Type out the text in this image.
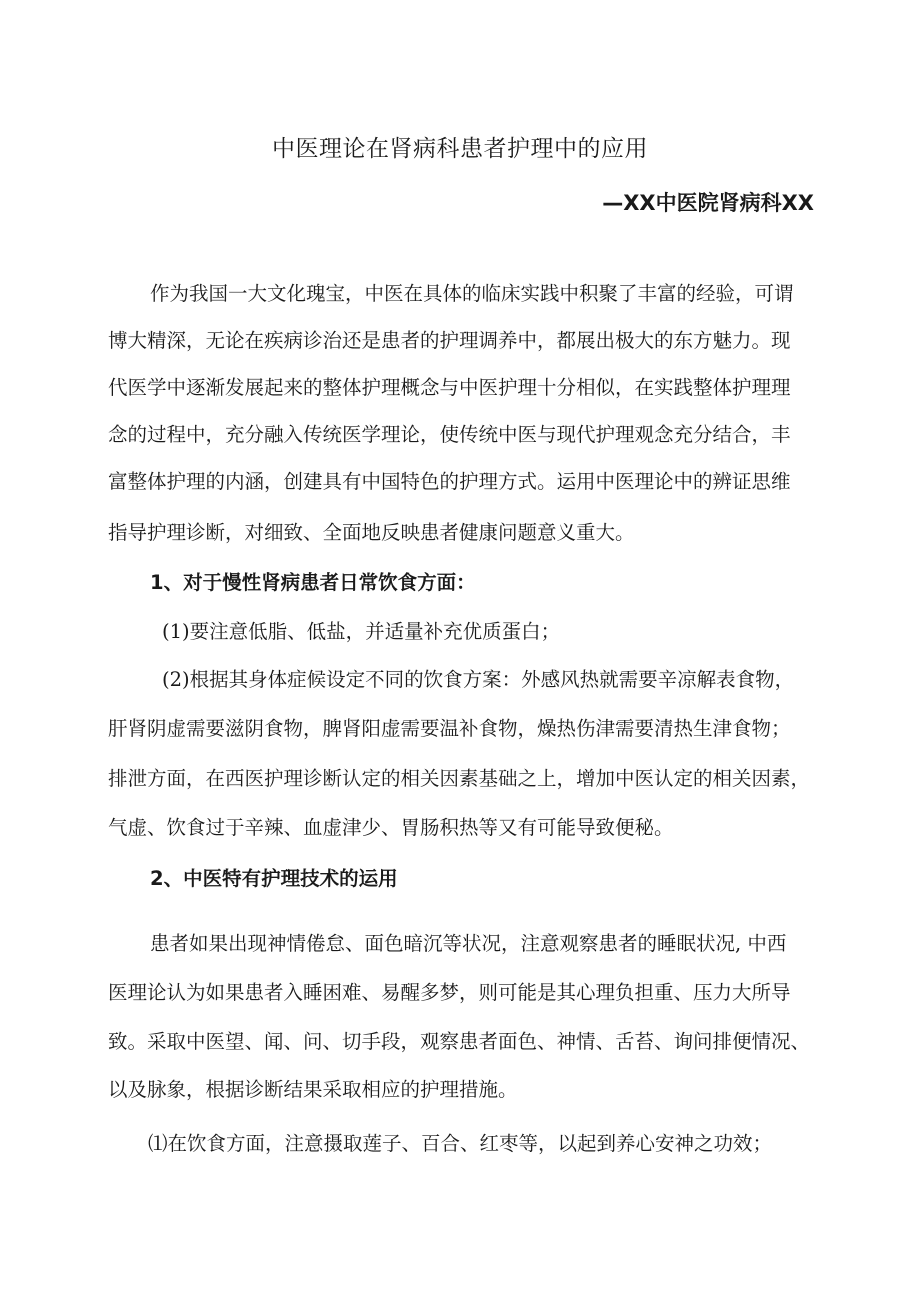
中医理论在肾病科患者护理中的应用
—XX中医院肾病科XX
作为我国一大文化瑰宝，中医在具体的临床实践中积聚了丰富的经验，可谓
博大精深，无论在疾病诊治还是患者的护理调养中，都展出极大的东方魅力。现
代医学中逐渐发展起来的整体护理概念与中医护理十分相似，在实践整体护理理
念的过程中，充分融入传统医学理论，使传统中医与现代护理观念充分结合，丰
富整体护理的内涵，创建具有中国特色的护理方式。运用中医理论中的辨证思维
指导护理诊断，对细致、全面地反映患者健康问题意义重大。
1、对于慢性肾病患者日常饮食方面：
(1)要注意低脂、低盐，并适量补充优质蛋白；
(2)根据其身体症候设定不同的饮食方案：外感风热就需要辛凉解表食物，
肝肾阴虚需要滋阴食物，脾肾阳虚需要温补食物，燥热伤津需要清热生津食物；
排泄方面，在西医护理诊断认定的相关因素基础之上，增加中医认定的相关因素，
气虚、饮食过于辛辣、血虚津少、胃肠积热等又有可能导致便秘。
2、中医特有护理技术的运用
患者如果出现神情倦怠、面色暗沉等状况，注意观察患者的睡眠状况, 中西
医理论认为如果患者入睡困难、易醒多梦，则可能是其心理负担重、压力大所导
致。采取中医望、闻、问、切手段，观察患者面色、神情、舌苔、询问排便情况、
以及脉象，根据诊断结果采取相应的护理措施。
⑴在饮食方面，注意摄取莲子、百合、红枣等，以起到养心安神之功效；
